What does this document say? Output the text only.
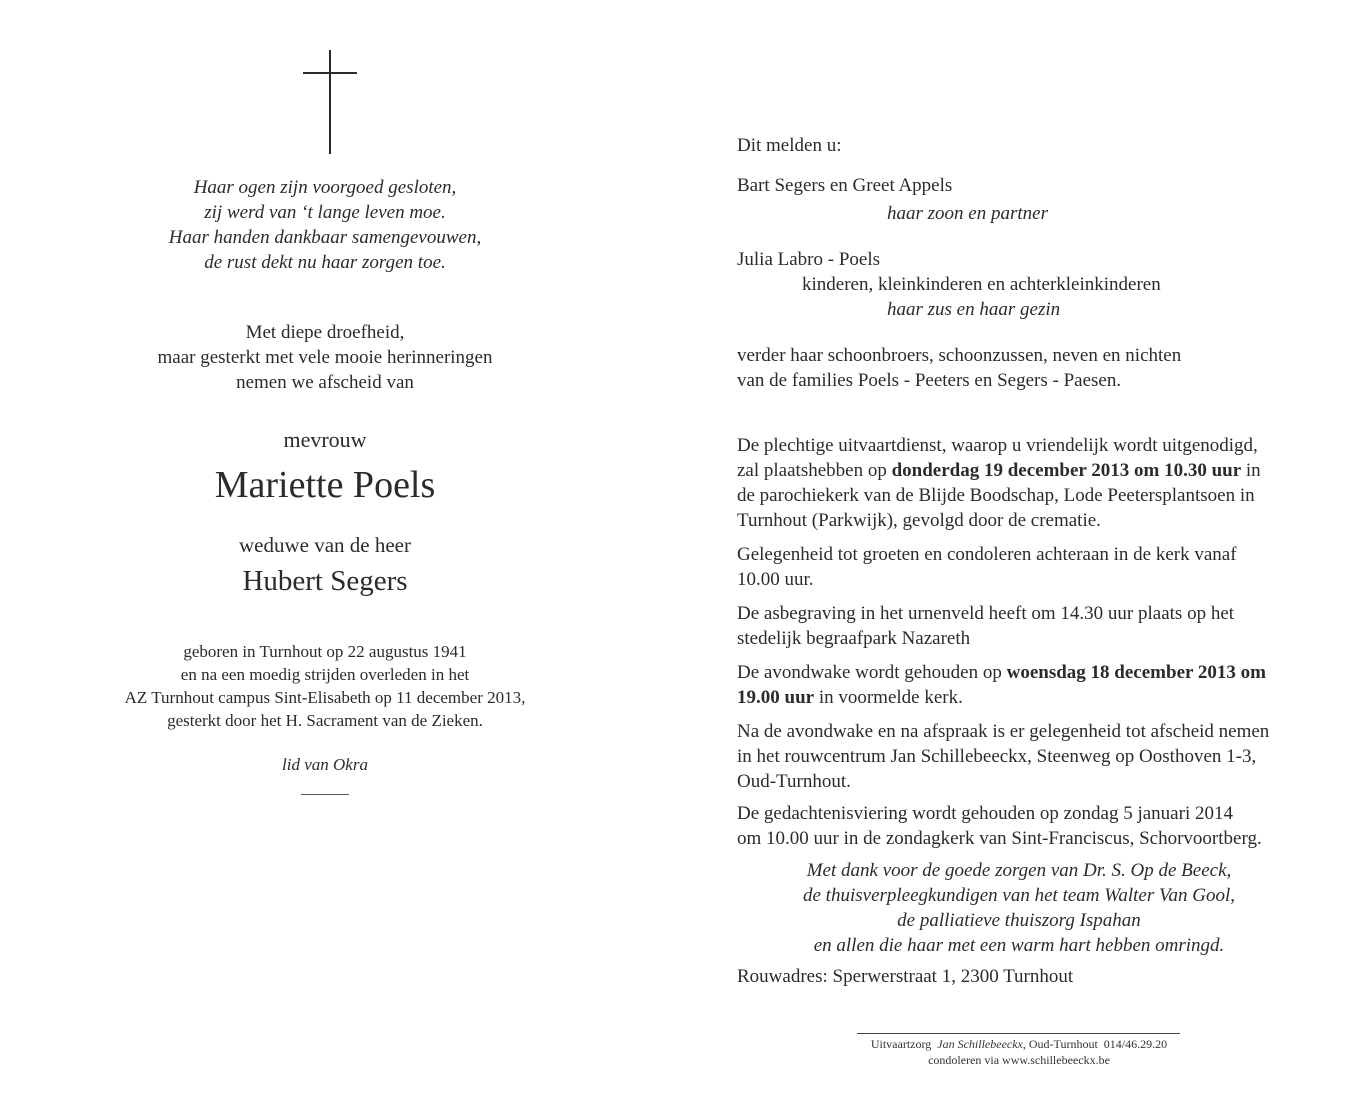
Haar ogen zijn voorgoed gesloten,
zij werd van ‘t lange leven moe.
Haar handen dankbaar samengevouwen,
de rust dekt nu haar zorgen toe.
Met diepe droefheid,
maar gesterkt met vele mooie herinneringen
nemen we afscheid van
mevrouw
Mariette Poels
weduwe van de heer
Hubert Segers
geboren in Turnhout op 22 augustus 1941
en na een moedig strijden overleden in het
AZ Turnhout campus Sint-Elisabeth op 11 december 2013,
gesterkt door het H. Sacrament van de Zieken.
lid van Okra
Dit melden u:
Bart Segers en Greet Appels
haar zoon en partner
Julia Labro - Poels
kinderen, kleinkinderen en achterkleinkinderen
haar zus en haar gezin
verder haar schoonbroers, schoonzussen, neven en nichten
van de families Poels - Peeters en Segers - Paesen.
De plechtige uitvaartdienst, waarop u vriendelijk wordt uitgenodigd,
zal plaatshebben op donderdag 19 december 2013 om 10.30 uur in
de parochiekerk van de Blijde Boodschap, Lode Peetersplantsoen in
Turnhout (Parkwijk), gevolgd door de crematie.
Gelegenheid tot groeten en condoleren achteraan in de kerk vanaf
10.00 uur.
De asbegraving in het urnenveld heeft om 14.30 uur plaats op het
stedelijk begraafpark Nazareth
De avondwake wordt gehouden op woensdag 18 december 2013 om
19.00 uur in voormelde kerk.
Na de avondwake en na afspraak is er gelegenheid tot afscheid nemen
in het rouwcentrum Jan Schillebeeckx, Steenweg op Oosthoven 1-3,
Oud-Turnhout.
De gedachtenisviering wordt gehouden op zondag 5 januari 2014
om 10.00 uur in de zondagkerk van Sint-Franciscus, Schorvoortberg.
Met dank voor de goede zorgen van Dr. S. Op de Beeck,
de thuisverpleegkundigen van het team Walter Van Gool,
de palliatieve thuiszorg Ispahan
en allen die haar met een warm hart hebben omringd.
Rouwadres: Sperwerstraat 1, 2300 Turnhout
Uitvaartzorg Jan Schillebeeckx, Oud-Turnhout 014/46.29.20
condoleren via www.schillebeeckx.be
